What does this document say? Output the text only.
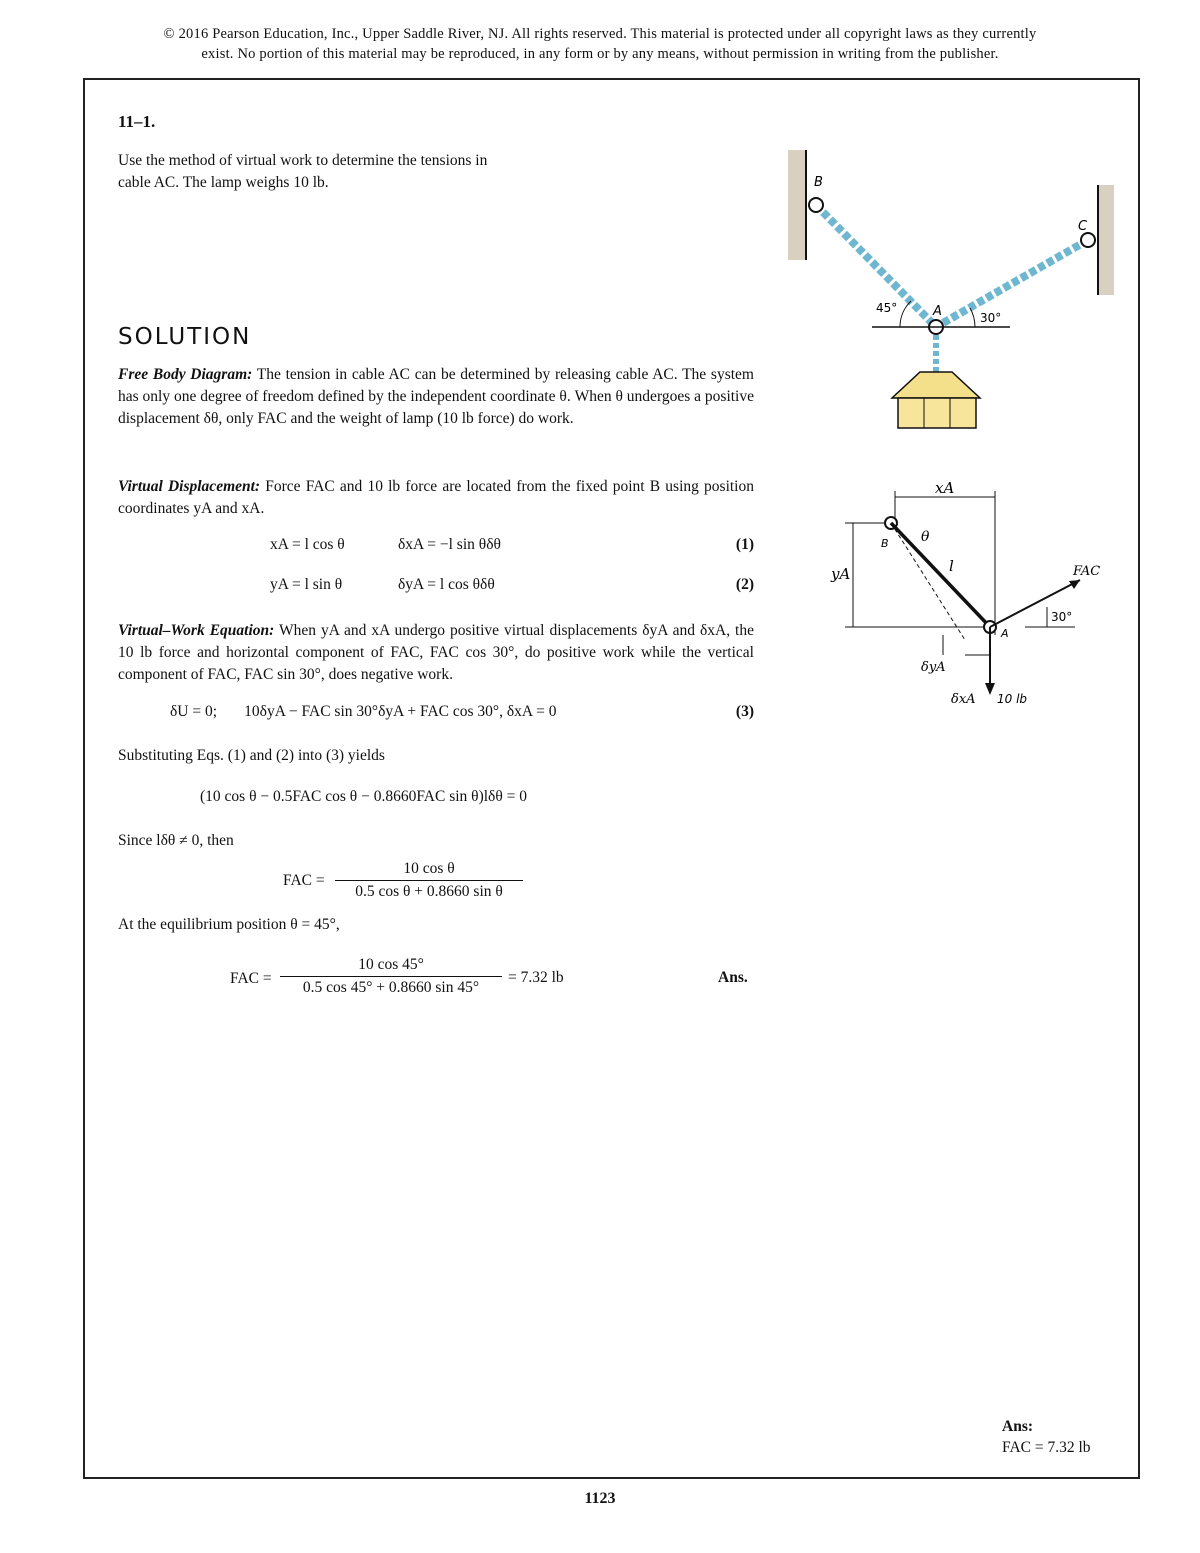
© 2016 Pearson Education, Inc., Upper Saddle River, NJ. All rights reserved. This material is protected under all copyright laws as they currently
exist. No portion of this material may be reproduced, in any form or by any means, without permission in writing from the publisher.
11–1.
Use the method of virtual work to determine the tensions in
cable AC. The lamp weighs 10 lb.
SOLUTION
Free Body Diagram: The tension in cable AC can be determined by releasing cable AC. The system has only one degree of freedom defined by the independent coordinate θ. When θ undergoes a positive displacement δθ, only FAC and the weight of lamp (10 lb force) do work.
Virtual Displacement: Force FAC and 10 lb force are located from the fixed point B using position coordinates yA and xA.
xA = l cos θ	δxA = −l sin θδθ	(1)
yA = l sin θ	δyA = l cos θδθ	(2)
Virtual–Work Equation: When yA and xA undergo positive virtual displacements δyA and δxA, the 10 lb force and horizontal component of FAC, FAC cos 30°, do positive work while the vertical component of FAC, FAC sin 30°, does negative work.
δU = 0;       10δyA − FAC sin 30°δyA + FAC cos 30°, δxA = 0	(3)
Substituting Eqs. (1) and (2) into (3) yields
(10 cos θ − 0.5FAC cos θ − 0.8660FAC sin θ)lδθ = 0
Since lδθ ≠ 0, then
FAC = $\frac{\text{10 cos θ}}{\text{0.5 cos θ + 0.8660 sin θ}}$
At the equilibrium position θ = 45°,
FAC = $\frac{10 \cos 45^\circ}{0.5 \cos 45^\circ + 0.8660 \sin 45^\circ} = 7.32$ lb	Ans.
B
C
A
45°
30°
xA
yA
θ
l
B
A
FAC
30°
δyA
δxA 10 lb
Ans:
FAC = 7.32 lb
1123
